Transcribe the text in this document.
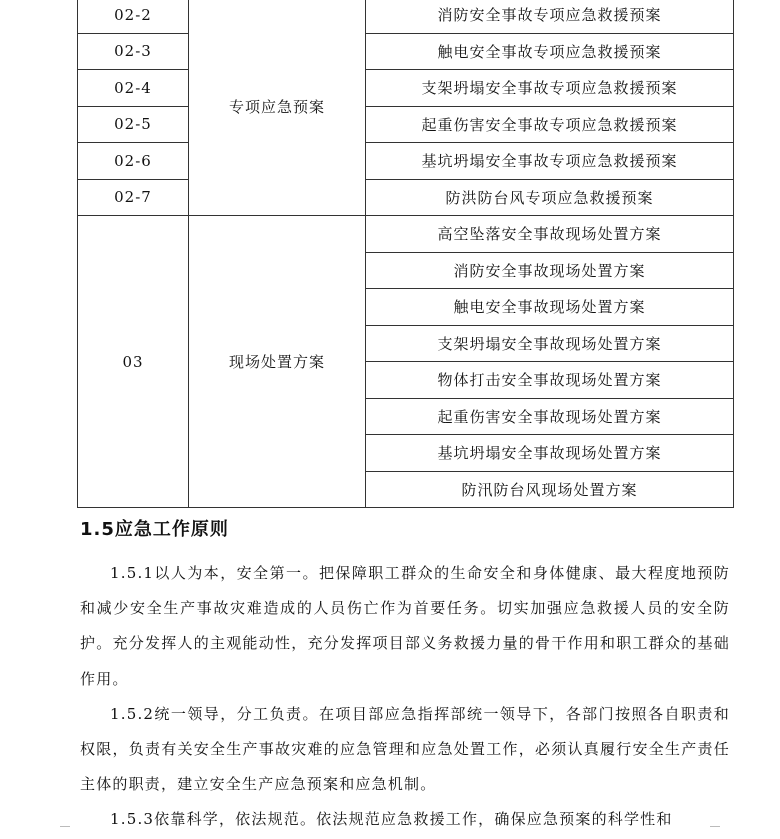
02-2	专项应急预案	消防安全事故专项应急救援预案
02-3		触电安全事故专项应急救援预案
02-4		支架坍塌安全事故专项应急救援预案
02-5		起重伤害安全事故专项应急救援预案
02-6		基坑坍塌安全事故专项应急救援预案
02-7		防洪防台风专项应急救援预案
03	现场处置方案	高空坠落安全事故现场处置方案
		消防安全事故现场处置方案
		触电安全事故现场处置方案
		支架坍塌安全事故现场处置方案
		物体打击安全事故现场处置方案
		起重伤害安全事故现场处置方案
		基坑坍塌安全事故现场处置方案
		防汛防台风现场处置方案
1.5应急工作原则

1.5.1以人为本，安全第一。把保障职工群众的生命安全和身体健康、最大程度地预防和减少安全生产事故灾难造成的人员伤亡作为首要任务。切实加强应急救援人员的安全防护。充分发挥人的主观能动性，充分发挥项目部义务救援力量的骨干作用和职工群众的基础作用。

1.5.2统一领导，分工负责。在项目部应急指挥部统一领导下，各部门按照各自职责和权限，负责有关安全生产事故灾难的应急管理和应急处置工作，必须认真履行安全生产责任主体的职责，建立安全生产应急预案和应急机制。

1.5.3依靠科学，依法规范。依法规范应急救援工作，确保应急预案的科学性和
